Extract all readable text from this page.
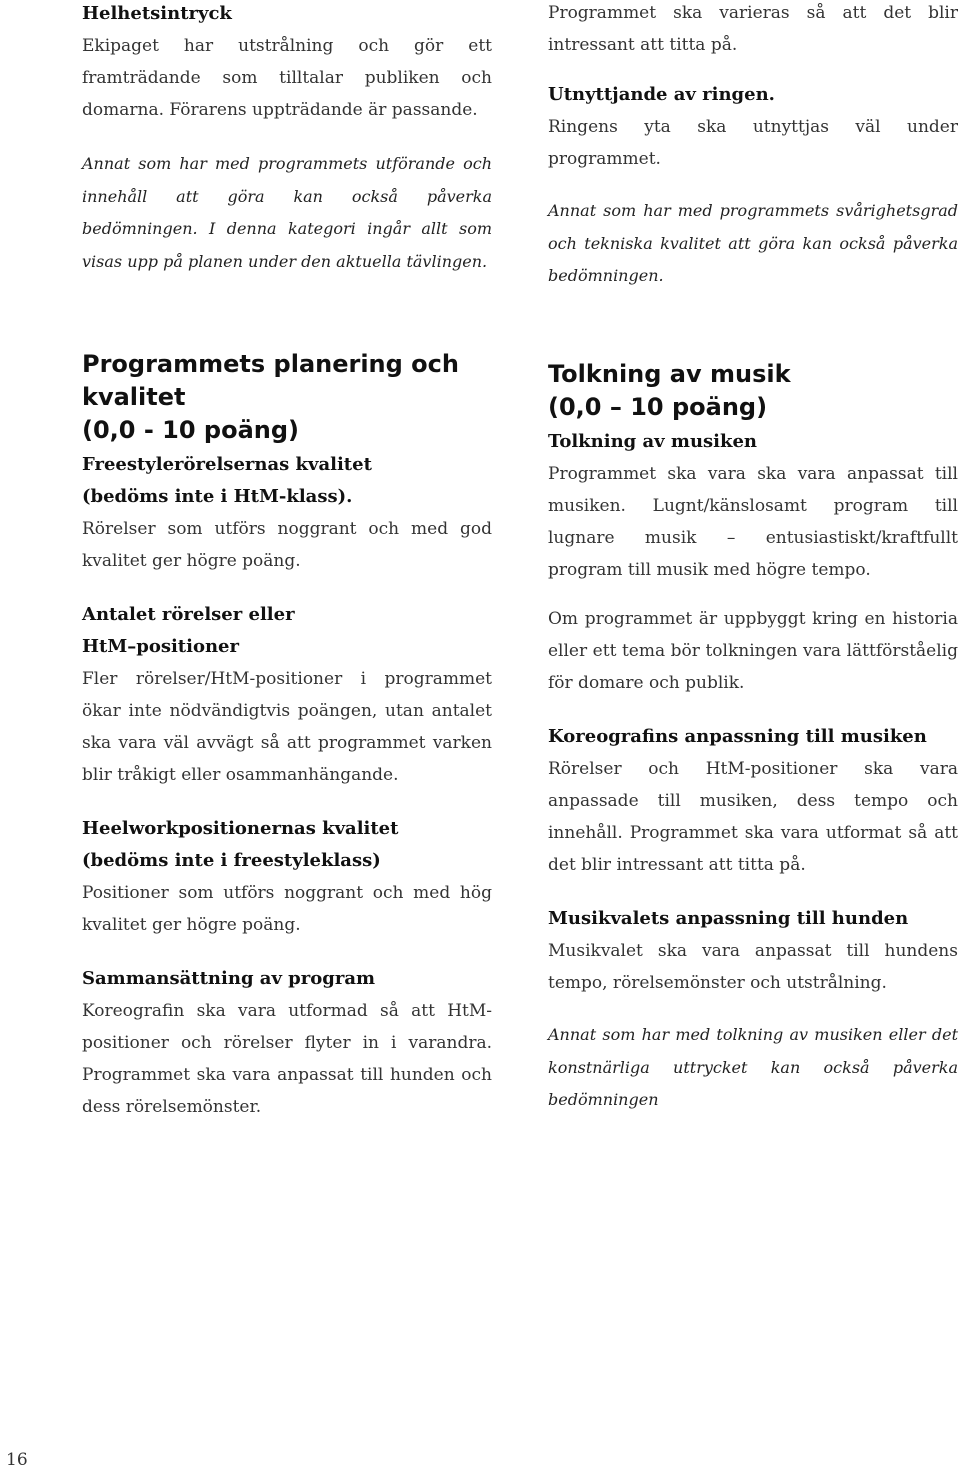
Helhetsintryck

Ekipaget har utstrålning och gör ett framträdande som tilltalar publiken och domarna. Förarens uppträdande är passande.

Annat som har med programmets utförande och innehåll att göra kan också påverka bedömningen. I denna kategori ingår allt som visas upp på planen under den aktuella tävlingen.

Programmets planering och

kvalitet

(0,0 - 10 poäng)

Freestylerörelsernas kvalitet

(bedöms inte i HtM-klass).

Rörelser som utförs noggrant och med god kvalitet ger högre poäng.

Antalet rörelser eller

HtM–positioner

Fler rörelser/HtM-positioner i programmet ökar inte nödvändigtvis poängen, utan antalet ska vara väl avvägt så att programmet varken blir tråkigt eller osammanhängande.

Heelworkpositionernas kvalitet

(bedöms inte i freestyleklass)

Positioner som utförs noggrant och med hög kvalitet ger högre poäng.

Sammansättning av program

Koreografin ska vara utformad så att HtM-positioner och rörelser flyter in i varandra. Programmet ska vara anpassat till hunden och dess rörelsemönster.

Programmet ska varieras så att det blir intressant att titta på.

Utnyttjande av ringen.

Ringens yta ska utnyttjas väl under programmet.

Annat som har med programmets svårighetsgrad och tekniska kvalitet att göra kan också påverka bedömningen.

Tolkning av musik

(0,0 – 10 poäng)

Tolkning av musiken

Programmet ska vara ska vara anpassat till musiken. Lugnt/känslosamt program till lugnare musik – entusiastiskt/kraftfullt program till musik med högre tempo.

Om programmet är uppbyggt kring en historia eller ett tema bör tolkningen vara lättförståelig för domare och publik.

Koreografins anpassning till musiken

Rörelser och HtM-positioner ska vara anpassade till musiken, dess tempo och innehåll. Programmet ska vara utformat så att det blir intressant att titta på.

Musikvalets anpassning till hunden

Musikvalet ska vara anpassat till hundens tempo, rörelsemönster och utstrålning.

Annat som har med tolkning av musiken eller det konstnärliga uttrycket kan också påverka bedömningen

16
